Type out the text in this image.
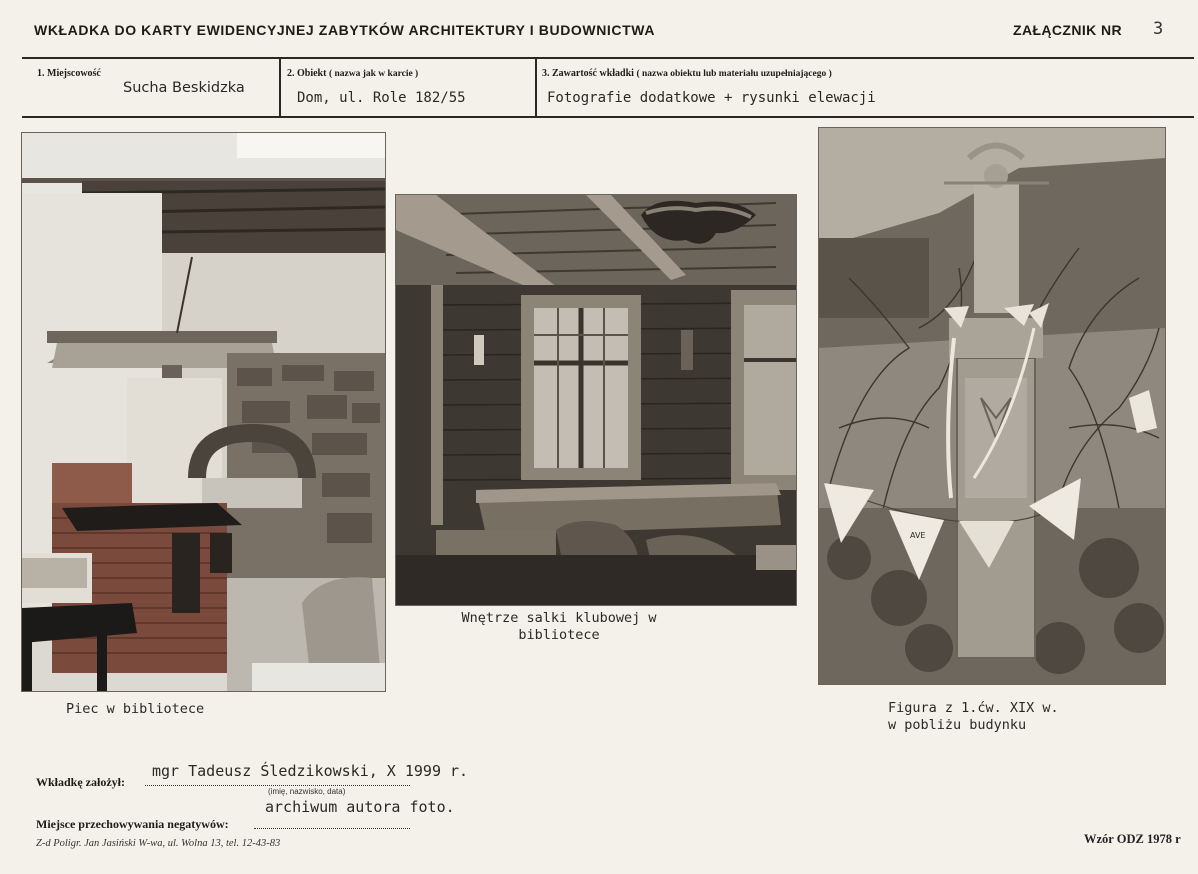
WKŁADKA DO KARTY EWIDENCYJNEJ ZABYTKÓW ARCHITEKTURY I BUDOWNICTWA	ZAŁĄCZNIK NR 3
1. Miejscowość
Sucha Beskidzka
2. Obiekt ( nazwa jak w karcie )
Dom, ul. Role 182/55
3. Zawartość wkładki ( nazwa obiektu lub materiału uzupełniającego )
Fotografie dodatkowe + rysunki elewacji
AVE
Piec w bibliotece
Wnętrze salki klubowej w
bibliotece
Figura z 1.ćw. XIX w.
w pobliżu budynku
Wkładkę założył:
mgr Tadeusz Śledzikowski, X 1999 r.
(imię, nazwisko, data)
archiwum autora foto.
Miejsce przechowywania negatywów:
Z-d Poligr. Jan Jasiński W-wa, ul. Wolna 13, tel. 12-43-83	Wzór ODZ 1978 r
